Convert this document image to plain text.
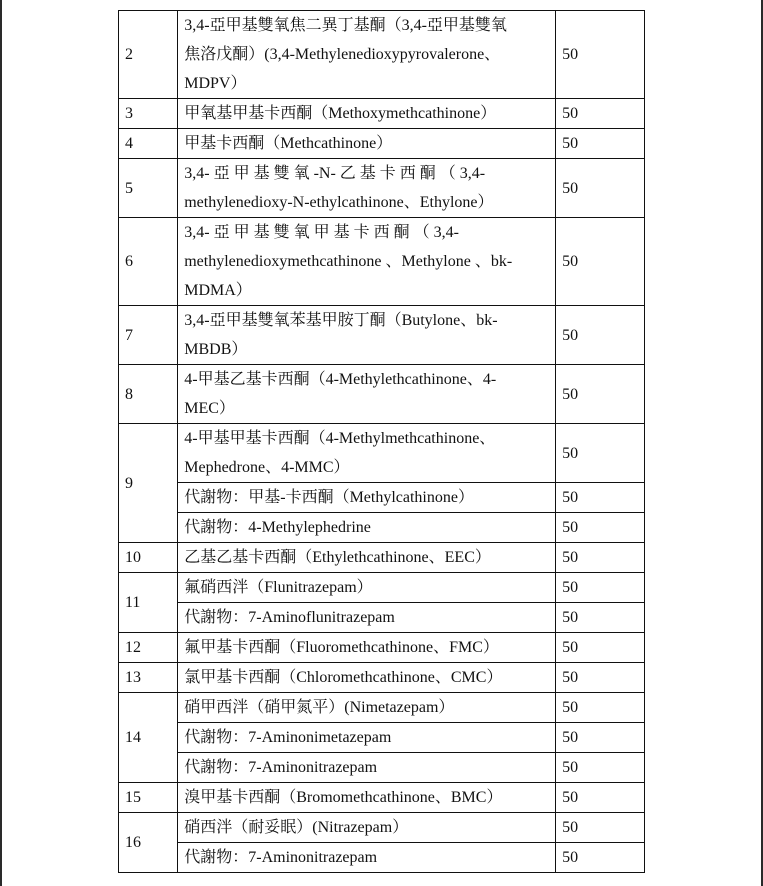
2	3,4-亞甲基雙氧焦二異丁基酮（3,4-亞甲基雙氧
焦洛戊酮）(3,4-Methylenedioxypyrovalerone、
MDPV）	50
3	甲氧基甲基卡西酮（Methoxymethcathinone）	50
4	甲基卡西酮（Methcathinone）	50
5	3,4- 亞 甲 基 雙 氧 -N- 乙 基 卡 西 酮 （ 3,4-
methylenedioxy-N-ethylcathinone、Ethylone）	50
6	3,4- 亞 甲 基 雙 氧 甲 基 卡 西 酮 （ 3,4-
methylenedioxymethcathinone 、Methylone 、bk-
MDMA）	50
7	3,4-亞甲基雙氧苯基甲胺丁酮（Butylone、bk-
MBDB）	50
8	4-甲基乙基卡西酮（4-Methylethcathinone、4-
MEC）	50
9	4-甲基甲基卡西酮（4-Methylmethcathinone、
Mephedrone、4-MMC）	50

	代謝物：甲基-卡西酮（Methylcathinone）	50

	代謝物：4-Methylephedrine	50
10	乙基乙基卡西酮（Ethylethcathinone、EEC）	50
11	氟硝西泮（Flunitrazepam）	50

	代謝物：7-Aminoflunitrazepam	50
12	氟甲基卡西酮（Fluoromethcathinone、FMC）	50
13	氯甲基卡西酮（Chloromethcathinone、CMC）	50
14	硝甲西泮（硝甲氮平）(Nimetazepam）	50

	代謝物：7-Aminonimetazepam	50

	代謝物：7-Aminonitrazepam	50
15	溴甲基卡西酮（Bromomethcathinone、BMC）	50
16	硝西泮（耐妥眠）(Nitrazepam）	50

	代謝物：7-Aminonitrazepam	50
